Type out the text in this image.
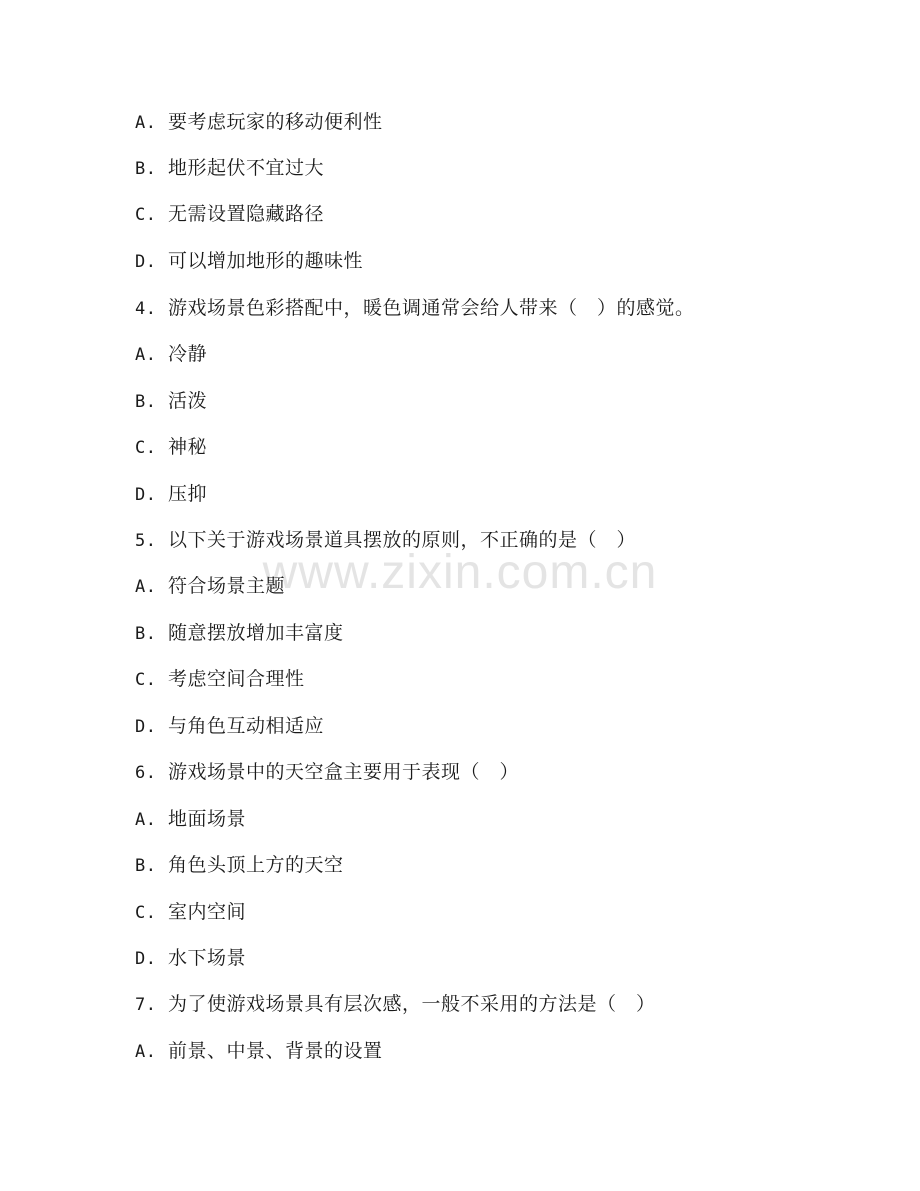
www.zixin.com.cn
A. 要考虑玩家的移动便利性
B. 地形起伏不宜过大
C. 无需设置隐藏路径
D. 可以增加地形的趣味性
4. 游戏场景色彩搭配中，暖色调通常会给人带来（　）的感觉。
A. 冷静
B. 活泼
C. 神秘
D. 压抑
5. 以下关于游戏场景道具摆放的原则，不正确的是（　）
A. 符合场景主题
B. 随意摆放增加丰富度
C. 考虑空间合理性
D. 与角色互动相适应
6. 游戏场景中的天空盒主要用于表现（　）
A. 地面场景
B. 角色头顶上方的天空
C. 室内空间
D. 水下场景
7. 为了使游戏场景具有层次感，一般不采用的方法是（　）
A. 前景、中景、背景的设置
